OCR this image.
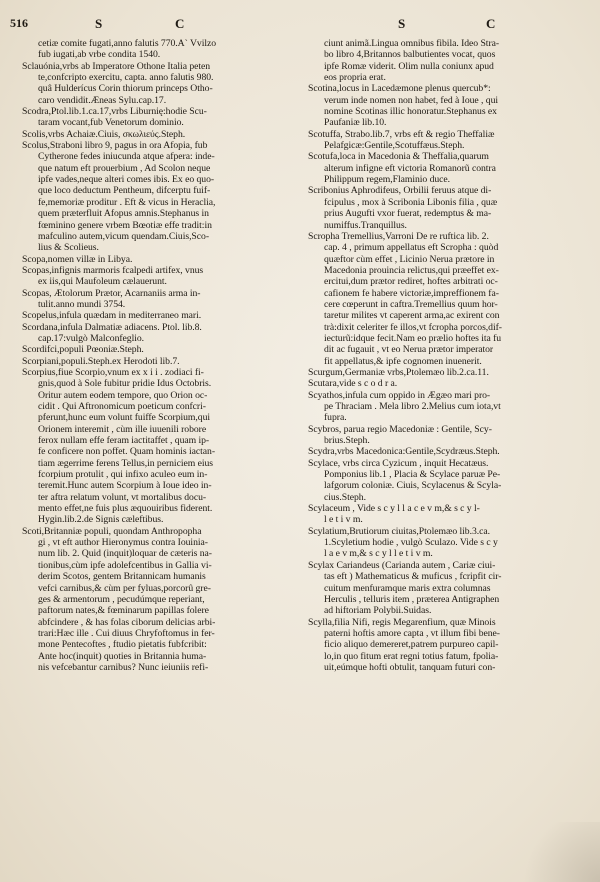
516	S	C	S	C
cetiæ comite fugati,anno falutis 770.A` Vvilzo
fub iugati,ab vrbe condita 1540.
Sclauónia,vrbs ab Imperatore Othone Italia peten
te,confcripto exercitu, capta. anno falutis 980.
quâ Hulderícus Corin thiorum princeps Otho-
caro vendidit.Æneas Sylu.cap.17.
Scodra,Ptol.lib.1.ca.17,vrbs Liburnię:hodie Scu-
taram vocant,fub Venetorum dominio.
Scolis,vrbs Achaiæ.Ciuis, σκωλιεύς.Steph.
Scolus,Straboni libro 9, pagus in ora Afopia, fub
Cytherone fedes iniucunda atque afpera: inde-
que natum eft prouerbium , Ad Scolon neque
ipfe vades,neque alteri comes ibis. Ex eo quo-
que loco deductum Pentheum, difcerptu fuif-
fe,memoriæ proditur . Eft & vicus in Heraclia,
quem præterfluit Afopus amnis.Stephanus in
fœminino genere vrbem Bœotiæ effe tradit:in
mafculino autem,vicum quendam.Ciuis,Sco-
lius & Scolieus.
Scopa,nomen villæ in Libya.
Scopas,infignis marmoris fcalpedi artifex, vnus
ex iis,qui Maufoleum cælauerunt.
Scopas, Ætolorum Prætor, Acarnaniis arma in-
tulit.anno mundi 3754.
Scopelus,infula quædam in mediterraneo mari.
Scordana,infula Dalmatiæ adiacens. Ptol. lib.8.
cap.17:vulgò Malconfeglio.
Scordifci,populi Pœoniæ.Steph.
Scorpiani,populi.Steph.ex Herodoti lib.7.
Scorpius,fiue Scorpio,vnum ex x i i . zodiaci fi-
gnis,quod à Sole fubitur pridie Idus Octobris.
Oritur autem eodem tempore, quo Orion oc-
cidit . Qui Aftronomicum poeticum confcri-
pferunt,hunc eum volunt fuiffe Scorpium,qui
Orionem interemit , cùm ille iuuenili robore
ferox nullam effe feram iactitaffet , quam ip-
fe conficere non poffet. Quam hominis iactan-
tiam ægerrime ferens Tellus,in perniciem eius
fcorpium protulit , qui infixo aculeo eum in-
teremit.Hunc autem Scorpium à Ioue ideo in-
ter aftra relatum volunt, vt mortalibus docu-
mento effet,ne fuis plus æquouiribus fiderent.
Hygin.lib.2.de Signis cæleftibus.
Scoti,Britanniæ populi, quondam Anthropopha
gi , vt eft author Hieronymus contra Iouinia-
num lib. 2. Quid (inquit)loquar de cæteris na-
tionibus,cùm ipfe adolefcentibus in Gallia vi-
derim Scotos, gentem Britannicam humanis
vefci carnibus,& cùm per fyluas,porcorû gre-
ges & armentorum , pecudúmque reperiant,
paftorum nates,& fœminarum papillas folere
abfcindere , & has folas ciborum delicias arbi-
trari:Hæc ille . Cui diuus Chryfoftomus in fer-
mone Pentecoftes , ftudio pietatis fubfcribit:
Ante hoc(inquit) quoties in Britannia huma-
nis vefcebantur carnibus? Nunc ieiuniis refi-
ciunt animã.Lingua omnibus fibila. Ideo Stra-
bo libro 4,Britannos balbutientes vocat, quos
ipfe Romæ viderit. Olim nulla coniunx apud
eos propria erat.
Scotina,locus in Lacedæmone plenus quercub*:
verum inde nomen non habet, fed à Ioue , qui
nomine Scotinas illic honoratur.Stephanus ex
Paufaniæ lib.10.
Scotuffa, Strabo.lib.7, vrbs eft & regio Theffaliæ
Pelafgicæ:Gentile,Scotuffæus.Steph.
Scotufa,loca in Macedonia & Theffalia,quarum
alterum infigne eft victoria Romanorũ contra
Philippum regem,Flaminio duce.
Scribonius Aphrodifeus, Orbilii feruus atque di-
fcipulus , mox à Scribonia Libonis filia , quæ
prius Augufti vxor fuerat, redemptus & ma-
numiffus.Tranquillus.
Scropha Tremellius,Varroni De re ruftica lib. 2.
cap. 4 , primum appellatus eft Scropha : quòd
quæftor cùm effet , Licinio Nerua prætore in
Macedonia prouincia relictus,qui præeffet ex-
ercitui,dum prætor rediret, hoftes arbitrati oc-
cafionem fe habere victoriæ,impreffionem fa-
cere cœperunt in caftra.Tremellius quum hor-
taretur milites vt caperent arma,ac exirent con
trà:dixit celeriter fe illos,vt fcropha porcos,dif-
iecturũ:idque fecit.Nam eo prælio hoftes ita fu
dit ac fugauit , vt eo Nerua prætor imperator
fit appellatus,& ipfe cognomen inuenerit.
Scurgum,Germaniæ vrbs,Ptolemæo lib.2.ca.11.
Scutara,vide s c o d r a.
Scyathos,infula cum oppido in Ægæo mari pro-
pe Thraciam . Mela libro 2.Melius cum iota,vt
fupra.
Scybros, parua regio Macedoniæ : Gentile, Scy-
brius.Steph.
Scydra,vrbs Macedonica:Gentile,Scydræus.Steph.
Scylace, vrbs circa Cyzicum , inquit Hecatæus.
Pomponius lib.1 , Placia & Scylace paruæ Pe-
lafgorum coloniæ. Ciuis, Scylacenus & Scyla-
cius.Steph.
Scylaceum , Vide s c y l l a c e v m,& s c y l-
l e t i v m.
Scylatium,Brutiorum ciuitas,Ptolemæo lib.3.ca.
1.Scyletium hodie , vulgò Sculazo. Vide s c y
l a e v m,& s c y l l e t i v m.
Scylax Cariandeus (Carianda autem , Cariæ ciui-
tas eft ) Mathematicus & muficus , fcripfit cir-
cuitum menfuramque maris extra columnas
Herculis , telluris item , præterea Antigraphen
ad hiftoriam Polybii.Suidas.
Scylla,filia Nifi, regis Megarenfium, quæ Minois
paterni hoftis amore capta , vt illum fibi bene-
ficio aliquo demereret,patrem purpureo capil-
lo,in quo fitum erat regni totius fatum, fpolia-
uit,eúmque hofti obtulit, tanquam futuri con-
